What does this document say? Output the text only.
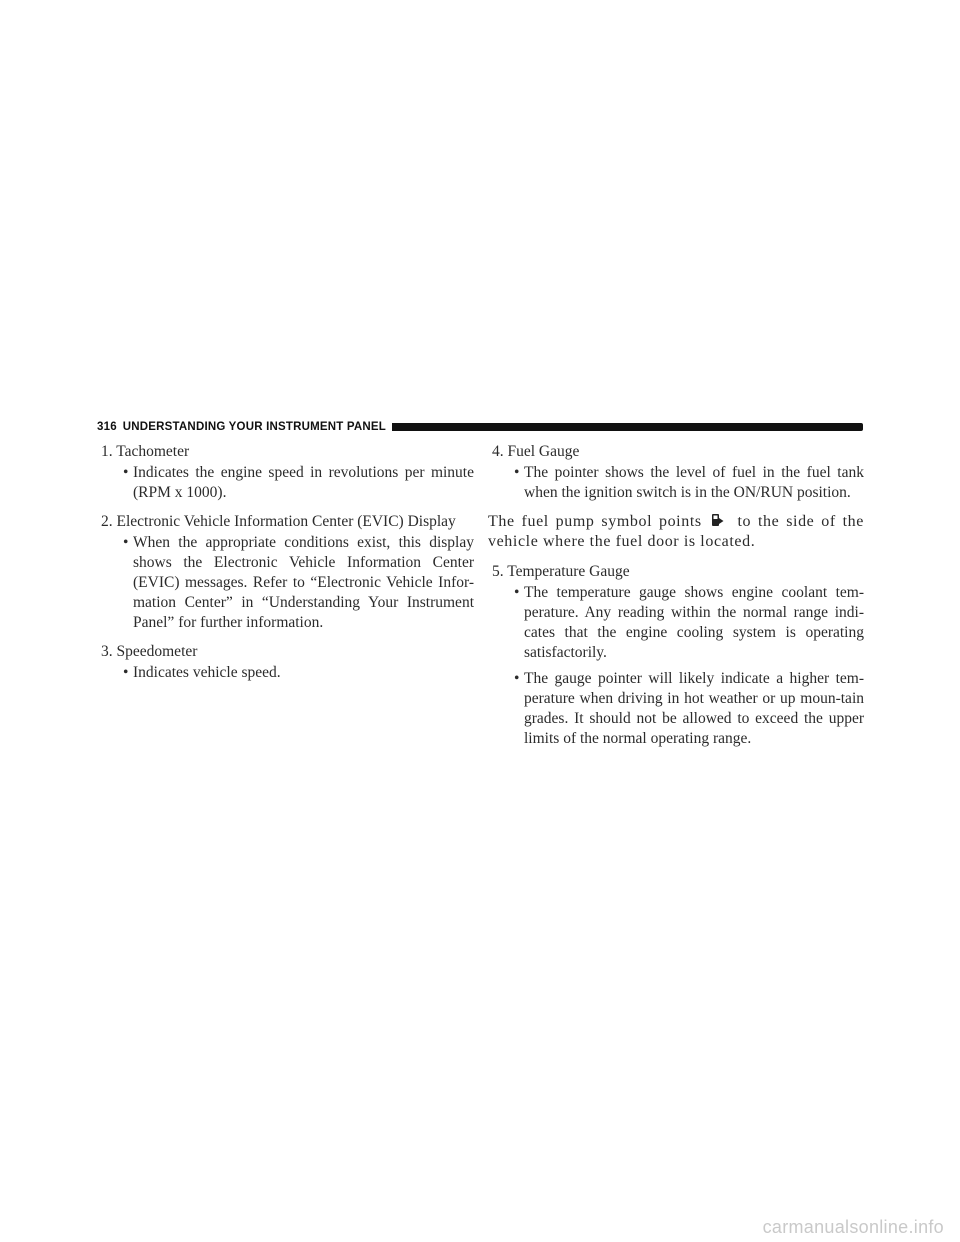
316 UNDERSTANDING YOUR INSTRUMENT PANEL
1. Tachometer
• Indicates the engine speed in revolutions per minute (RPM x 1000).
2. Electronic Vehicle Information Center (EVIC) Display
• When the appropriate conditions exist, this display shows the Electronic Vehicle Information Center (EVIC) messages. Refer to “Electronic Vehicle Infor-mation Center” in “Understanding Your Instrument Panel” for further information.
3. Speedometer
• Indicates vehicle speed.
4. Fuel Gauge
• The pointer shows the level of fuel in the fuel tank when the ignition switch is in the ON/RUN position.
The fuel pump symbol points to the side of the vehicle where the fuel door is located.
5. Temperature Gauge
• The temperature gauge shows engine coolant tem-perature. Any reading within the normal range indi-cates that the engine cooling system is operating satisfactorily.
• The gauge pointer will likely indicate a higher tem-perature when driving in hot weather or up moun-tain grades. It should not be allowed to exceed the upper limits of the normal operating range.
carmanualsonline.info
